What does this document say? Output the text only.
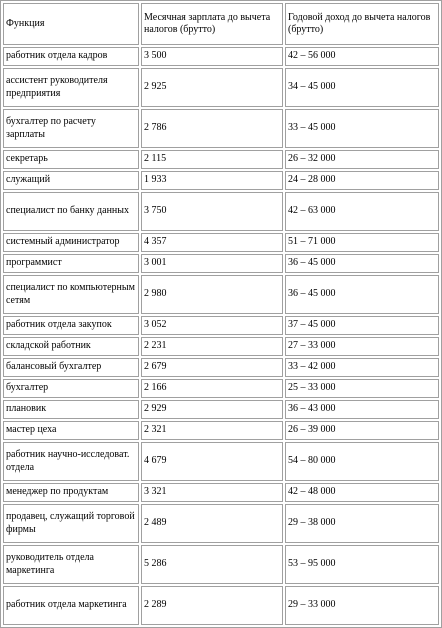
Функция	Месячная зарплата до вычета налогов (брутто)	Годовой доход до вычета налогов (брутто)
работник отдела кадров	3 500	42 – 56 000
ассистент руководителя предприятия	2 925	34 – 45 000
бухгалтер по расчету зарплаты	2 786	33 – 45 000
секретарь	2 115	26 – 32 000
служащий	1 933	24 – 28 000
специалист по банку данных	3 750	42 – 63 000
системный администратор	4 357	51 – 71 000
программист	3 001	36 – 45 000
специалист по компьютерным сетям	2 980	36 – 45 000
работник отдела закупок	3 052	37 – 45 000
складской работник	2 231	27 – 33 000
балансовый бухгалтер	2 679	33 – 42 000
бухгалтер	2 166	25 – 33 000
плановик	2 929	36 – 43 000
мастер цеха	2 321	26 – 39 000
работник научно-исследоват. отдела	4 679	54 – 80 000
менеджер по продуктам	3 321	42 – 48 000
продавец, служащий торговой фирмы	2 489	29 – 38 000
руководитель отдела маркетинга	5 286	53 – 95 000
работник отдела маркетинга	2 289	29 – 33 000
